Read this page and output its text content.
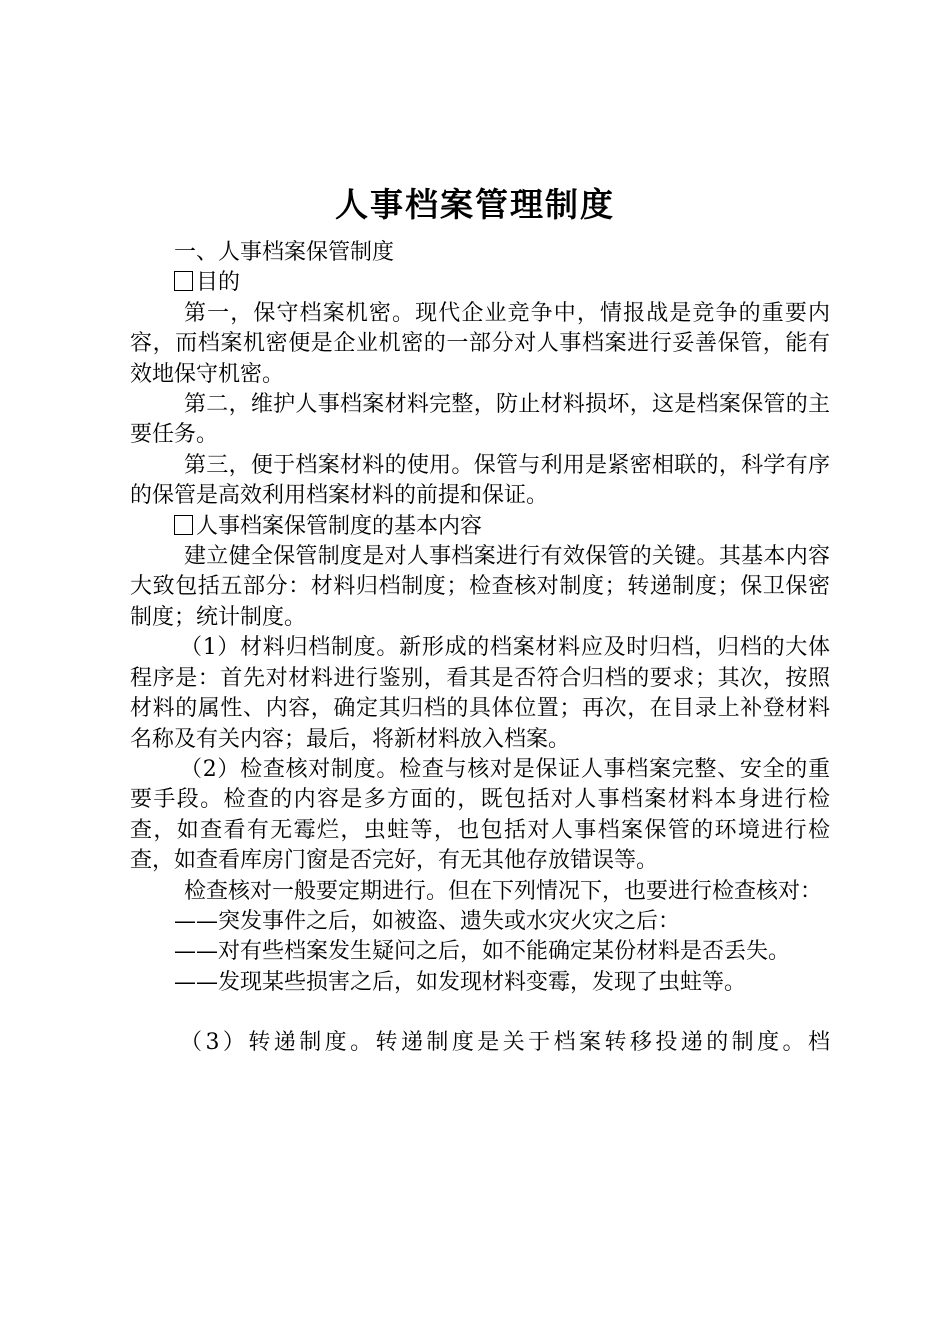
人事档案管理制度

一、人事档案保管制度

目的

第一，保守档案机密。现代企业竞争中，情报战是竞争的重要内容，而档案机密便是企业机密的一部分对人事档案进行妥善保管，能有效地保守机密。

第二，维护人事档案材料完整，防止材料损坏，这是档案保管的主要任务。

第三，便于档案材料的使用。保管与利用是紧密相联的，科学有序的保管是高效利用档案材料的前提和保证。

人事档案保管制度的基本内容

建立健全保管制度是对人事档案进行有效保管的关键。其基本内容大致包括五部分：材料归档制度；检查核对制度；转递制度；保卫保密制度；统计制度。

（1）材料归档制度。新形成的档案材料应及时归档，归档的大体程序是：首先对材料进行鉴别，看其是否符合归档的要求；其次，按照材料的属性、内容，确定其归档的具体位置；再次，在目录上补登材料名称及有关内容；最后，将新材料放入档案。

（2）检查核对制度。检查与核对是保证人事档案完整、安全的重要手段。检查的内容是多方面的，既包括对人事档案材料本身进行检查，如查看有无霉烂，虫蛀等，也包括对人事档案保管的环境进行检查，如查看库房门窗是否完好，有无其他存放错误等。

检查核对一般要定期进行。但在下列情况下，也要进行检查核对：

——突发事件之后，如被盗、遗失或水灾火灾之后：

——对有些档案发生疑问之后，如不能确定某份材料是否丢失。

——发现某些损害之后，如发现材料变霉，发现了虫蛀等。

（3）转递制度。转递制度是关于档案转移投递的制度。档
